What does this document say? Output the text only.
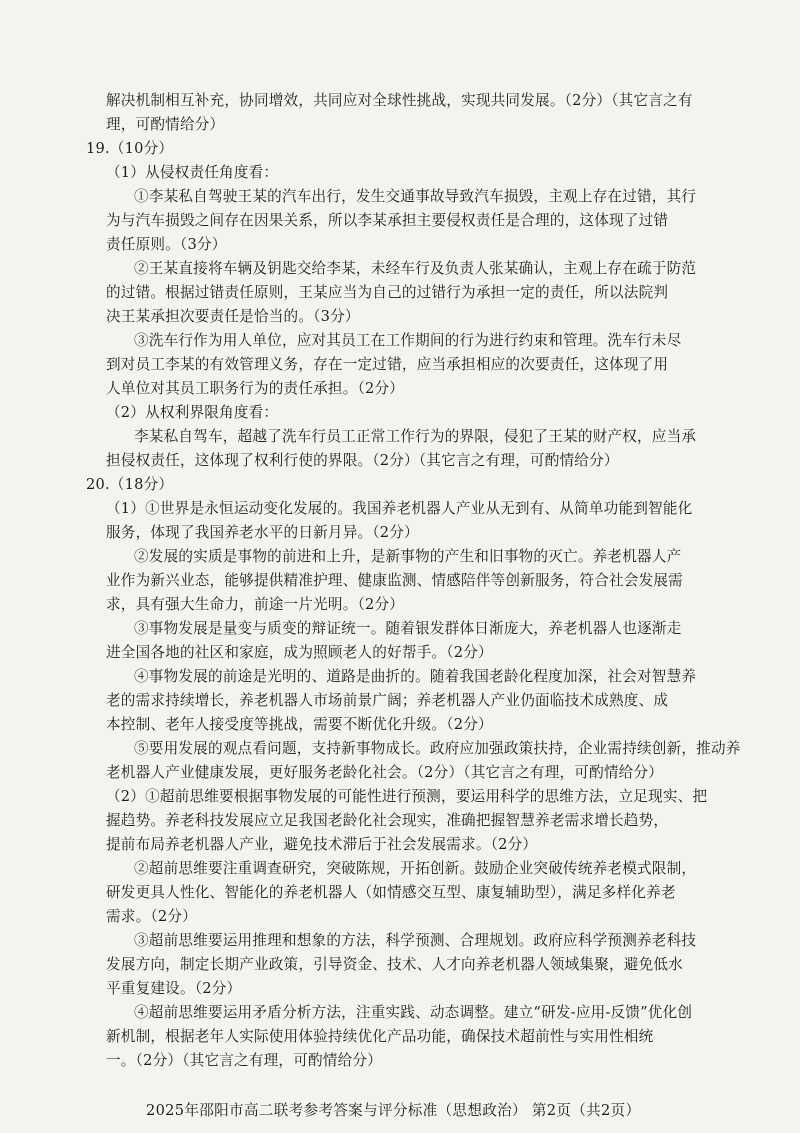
解决机制相互补充，协同增效，共同应对全球性挑战，实现共同发展。（2分）（其它言之有
理，可酌情给分）
19.（10分）
（1）从侵权责任角度看：
①李某私自驾驶王某的汽车出行，发生交通事故导致汽车损毁，主观上存在过错，其行
为与汽车损毁之间存在因果关系，所以李某承担主要侵权责任是合理的，这体现了过错
责任原则。（3分）
②王某直接将车辆及钥匙交给李某，未经车行及负责人张某确认，主观上存在疏于防范
的过错。根据过错责任原则，王某应当为自己的过错行为承担一定的责任，所以法院判
决王某承担次要责任是恰当的。（3分）
③洗车行作为用人单位，应对其员工在工作期间的行为进行约束和管理。洗车行未尽
到对员工李某的有效管理义务，存在一定过错，应当承担相应的次要责任，这体现了用
人单位对其员工职务行为的责任承担。（2分）
（2）从权利界限角度看：
李某私自驾车，超越了洗车行员工正常工作行为的界限，侵犯了王某的财产权，应当承
担侵权责任，这体现了权利行使的界限。（2分）（其它言之有理，可酌情给分）
20.（18分）
（1）①世界是永恒运动变化发展的。我国养老机器人产业从无到有、从简单功能到智能化
服务，体现了我国养老水平的日新月异。（2分）
②发展的实质是事物的前进和上升，是新事物的产生和旧事物的灭亡。养老机器人产
业作为新兴业态，能够提供精准护理、健康监测、情感陪伴等创新服务，符合社会发展需
求，具有强大生命力，前途一片光明。（2分）
③事物发展是量变与质变的辩证统一。随着银发群体日渐庞大，养老机器人也逐渐走
进全国各地的社区和家庭，成为照顾老人的好帮手。（2分）
④事物发展的前途是光明的、道路是曲折的。随着我国老龄化程度加深，社会对智慧养
老的需求持续增长，养老机器人市场前景广阔；养老机器人产业仍面临技术成熟度、成
本控制、老年人接受度等挑战，需要不断优化升级。（2分）
⑤要用发展的观点看问题，支持新事物成长。政府应加强政策扶持，企业需持续创新，推动养
老机器人产业健康发展，更好服务老龄化社会。（2分）（其它言之有理，可酌情给分）
（2）①超前思维要根据事物发展的可能性进行预测，要运用科学的思维方法，立足现实、把
握趋势。养老科技发展应立足我国老龄化社会现实，准确把握智慧养老需求增长趋势，
提前布局养老机器人产业，避免技术滞后于社会发展需求。（2分）
②超前思维要注重调查研究，突破陈规，开拓创新。鼓励企业突破传统养老模式限制，
研发更具人性化、智能化的养老机器人（如情感交互型、康复辅助型），满足多样化养老
需求。（2分）
③超前思维要运用推理和想象的方法，科学预测、合理规划。政府应科学预测养老科技
发展方向，制定长期产业政策，引导资金、技术、人才向养老机器人领域集聚，避免低水
平重复建设。（2分）
④超前思维要运用矛盾分析方法，注重实践、动态调整。建立“研发-应用-反馈”优化创
新机制，根据老年人实际使用体验持续优化产品功能，确保技术超前性与实用性相统
一。（2分）（其它言之有理，可酌情给分）
2025年邵阳市高二联考参考答案与评分标准（思想政治） 第2页（共2页）
